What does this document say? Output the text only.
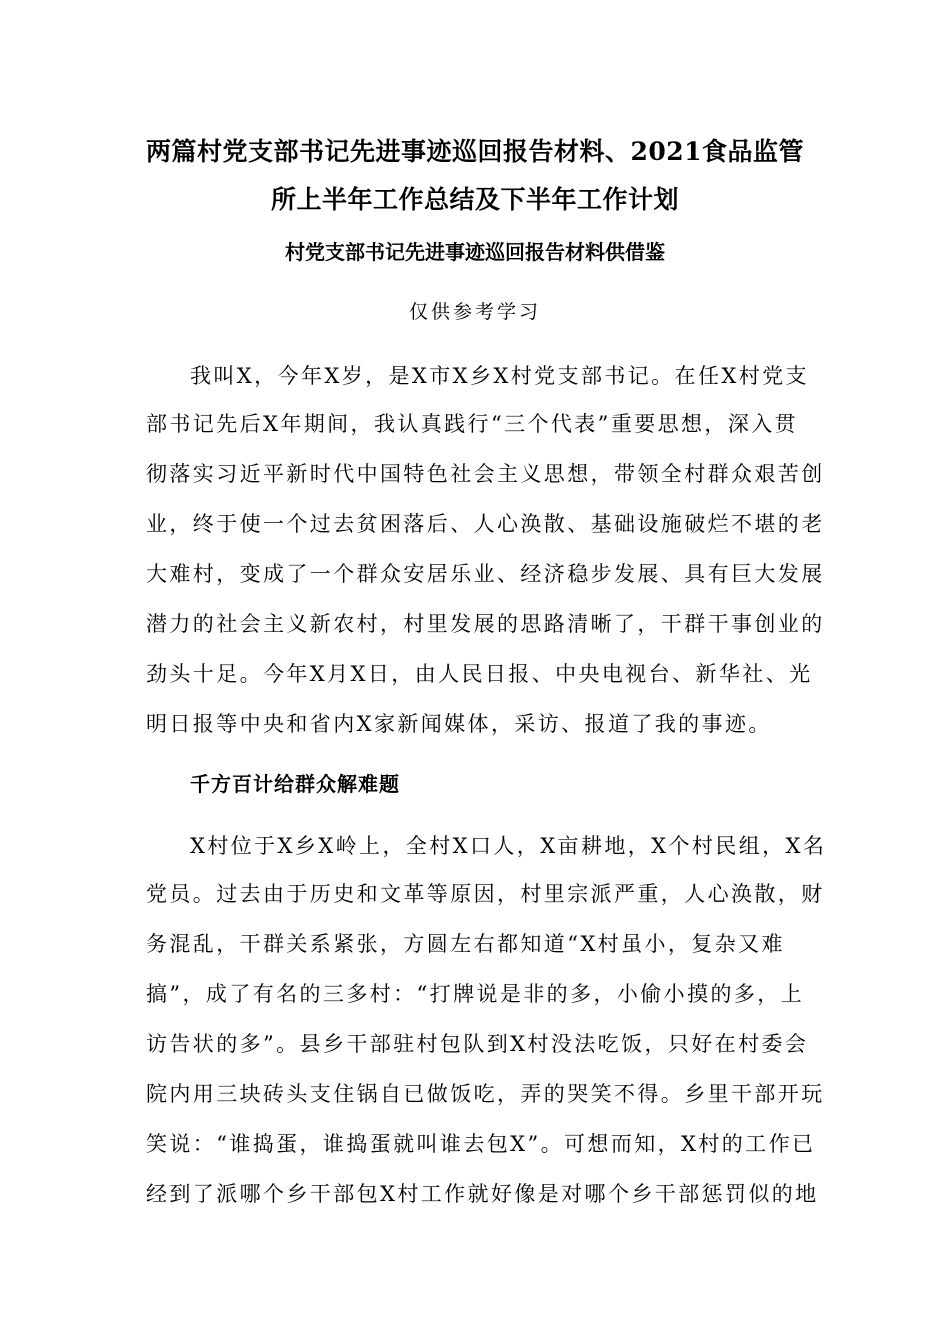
两篇村党支部书记先进事迹巡回报告材料、2021食品监管
所上半年工作总结及下半年工作计划
村党支部书记先进事迹巡回报告材料供借鉴

仅供参考学习

我叫X，今年X岁，是X市X乡X村党支部书记。在任X村党支

部书记先后X年期间，我认真践行“三个代表”重要思想，深入贯

彻落实习近平新时代中国特色社会主义思想，带领全村群众艰苦创

业，终于使一个过去贫困落后、人心涣散、基础设施破烂不堪的老

大难村，变成了一个群众安居乐业、经济稳步发展、具有巨大发展

潜力的社会主义新农村，村里发展的思路清晰了，干群干事创业的

劲头十足。今年X月X日，由人民日报、中央电视台、新华社、光

明日报等中央和省内X家新闻媒体，采访、报道了我的事迹。

千方百计给群众解难题

X村位于X乡X岭上，全村X口人，X亩耕地，X个村民组，X名

党员。过去由于历史和文革等原因，村里宗派严重，人心涣散，财

务混乱，干群关系紧张，方圆左右都知道“X村虽小，复杂又难

搞”，成了有名的三多村：“打牌说是非的多，小偷小摸的多，上

访告状的多”。县乡干部驻村包队到X村没法吃饭，只好在村委会

院内用三块砖头支住锅自已做饭吃，弄的哭笑不得。乡里干部开玩

笑说：“谁捣蛋，谁捣蛋就叫谁去包X”。可想而知，X村的工作已

经到了派哪个乡干部包X村工作就好像是对哪个乡干部惩罚似的地
